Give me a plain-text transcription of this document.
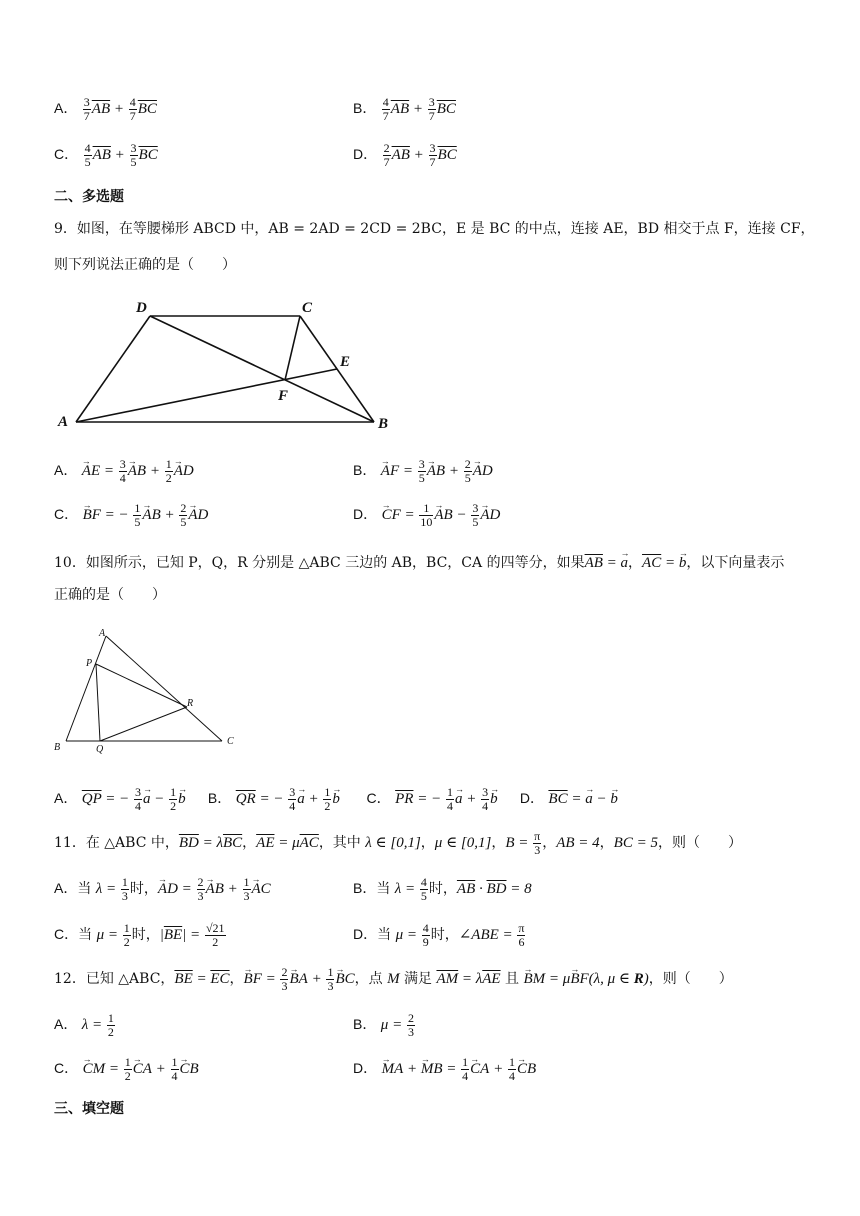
A． $\frac{3}{7} \overline{AB} + \frac{4}{7} \overline{BC}$	B． $\frac{4}{7} \overline{AB} + \frac{3}{7} \overline{BC}$
C． $\frac{4}{5} \overline{AB} + \frac{3}{5} \overline{BC}$	D． $\frac{2}{7} \overline{AB} + \frac{3}{7} \overline{BC}$
二、多选题
9．如图，在等腰梯形 ABCD 中，AB = 2AD = 2CD = 2BC，E 是 BC 的中点，连接 AE，BD 相交于点 F，连接 CF，
则下列说法正确的是（　　）
A	B
C
D
E
F
A． → AE = $\frac{3}{4}$ → AB + $\frac{1}{2}$ → AD	B． → AF = $\frac{3}{5}$ → AB + $\frac{2}{5}$ → AD
C． → BF = − $\frac{1}{5}$ → AB + $\frac{2}{5}$ → AD	D． → CF = $\frac{1}{10}$ → AB − $\frac{3}{5}$ → AD
10．如图所示，已知 P，Q，R 分别是 △ABC 三边的 AB，BC，CA 的四等分，如果$\overline{AB}$ = → a，$\overline{AC}$ = → b，以下向量表示
正确的是（　　）
A
B
C
P
Q
R
A． $\overline{QP}$ = − $\frac{3}{4} \to a - \frac{1}{2} \to b$ B． $\overline{QR}$ = − $\frac{3}{4} \to a + \frac{1}{2} \to b$ C． $\overline{PR}$ = − $\frac{1}{4} \to a + \frac{3}{4} \to b$ D． $\overline{BC}$ = → a − → b
11．在 △ABC 中，$\overline{BD} = \lambda\overline{BC}$，$\overline{AE} = \mu\overline{AC}$，其中 λ ∈ [0,1]，μ ∈ [0,1]，$B = \frac{\pi}{3}$ ，AB = 4，BC = 5，则（　　）
A．当 $\lambda = \frac{1}{3}$ 时，→ AD = $\frac{2}{3}$ → AB + $\frac{1}{3}$ → AC	B．当 $\lambda = \frac{4}{5}$ 时，$\overline{AB} \cdot \overline{BD} = 8$
C．当 $\mu = \frac{1}{2}$ 时，$|\overline{BE}| = \frac{√21}{2}$	D．当 $\mu = \frac{4}{9}$ 时，∠ABE = $\frac{\pi}{6}$
12．已知 △ABC，$\overline{BE} = \overline{EC}$，→ BF = $\frac{2}{3}$ → BA + $\frac{1}{3}$ → BC，点 M 满足 $\overline{AM} = \lambda\overline{AE}$ 且 → BM = μ→ BF(λ, μ ∈ R)，则（　　）
A． $\lambda = \frac{1}{2}$	B． $\mu = \frac{2}{3}$
C． → CM = $\frac{1}{2}$ → CA + $\frac{1}{4}$ → CB	D． → MA + → MB = $\frac{1}{4}$ → CA + $\frac{1}{4}$ → CB
三、填空题
